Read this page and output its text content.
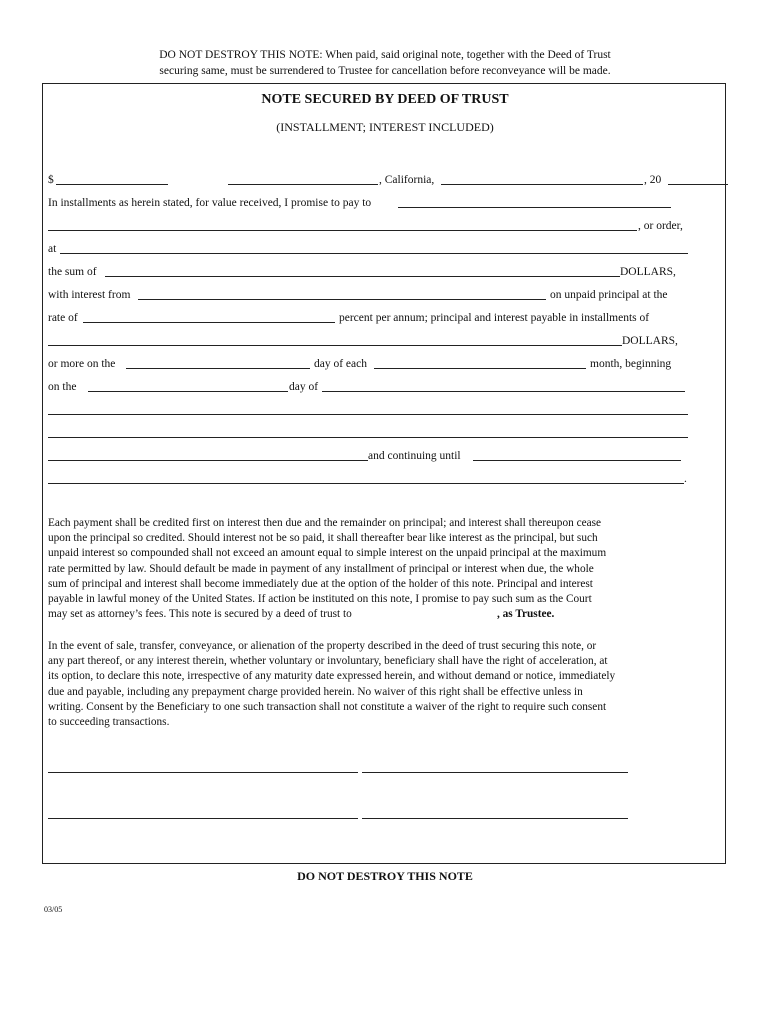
DO NOT DESTROY THIS NOTE: When paid, said original note, together with the Deed of Trust
securing same, must be surrendered to Trustee for cancellation before reconveyance will be made.
NOTE SECURED BY DEED OF TRUST
(INSTALLMENT; INTEREST INCLUDED)
$	, California,	, 20
In installments as herein stated, for value received, I promise to pay to
, or order,
at
the sum of	DOLLARS,
with interest from	on unpaid principal at the
rate of	percent per annum; principal and interest payable in installments of
DOLLARS,
or more on the	day of each	month, beginning
on the	day of
and continuing until
.
Each payment shall be credited first on interest then due and the remainder on principal; and interest shall thereupon cease
upon the principal so credited. Should interest not be so paid, it shall thereafter bear like interest as the principal, but such
unpaid interest so compounded shall not exceed an amount equal to simple interest on the unpaid principal at the maximum
rate permitted by law. Should default be made in payment of any installment of principal or interest when due, the whole
sum of principal and interest shall become immediately due at the option of the holder of this note. Principal and interest
payable in lawful money of the United States. If action be instituted on this note, I promise to pay such sum as the Court
may set as attorney’s fees. This note is secured by a deed of trust to	, as Trustee.
In the event of sale, transfer, conveyance, or alienation of the property described in the deed of trust securing this note, or
any part thereof, or any interest therein, whether voluntary or involuntary, beneficiary shall have the right of acceleration, at
its option, to declare this note, irrespective of any maturity date expressed herein, and without demand or notice, immediately
due and payable, including any prepayment charge provided herein. No waiver of this right shall be effective unless in
writing. Consent by the Beneficiary to one such transaction shall not constitute a waiver of the right to require such consent
to succeeding transactions.
DO NOT DESTROY THIS NOTE
03/05
